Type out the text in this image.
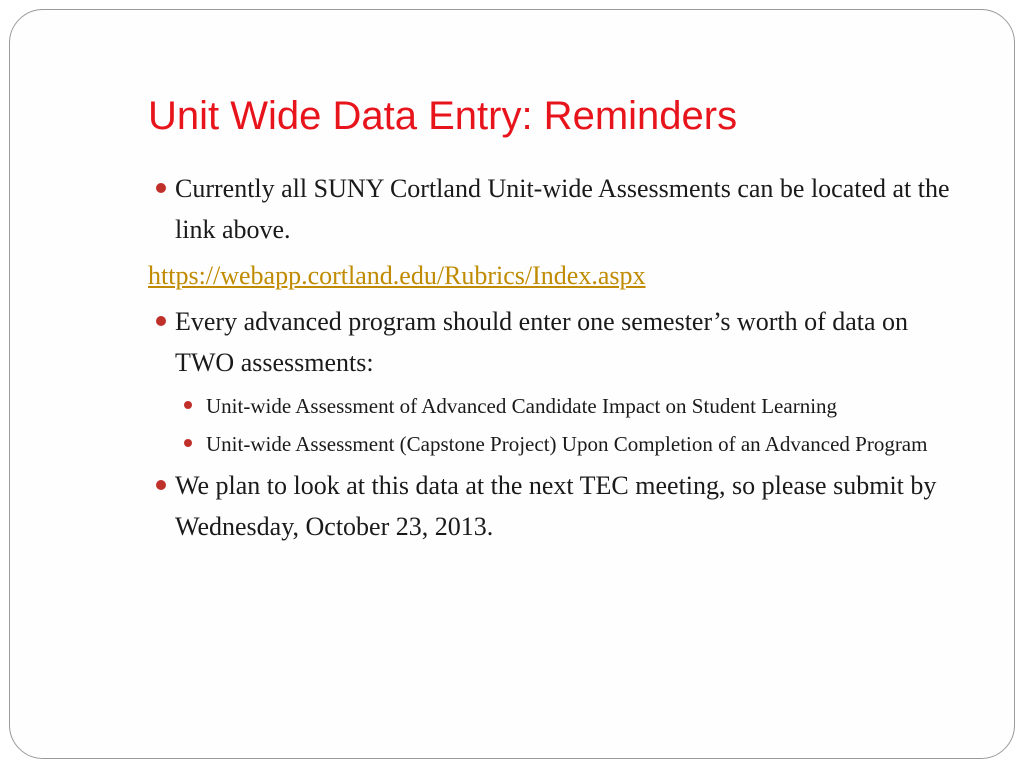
Unit Wide Data Entry: Reminders
Currently all SUNY Cortland Unit-wide Assessments can be located at the link above.
https://webapp.cortland.edu/Rubrics/Index.aspx
Every advanced program should enter one semester’s worth of data on TWO assessments:
Unit-wide Assessment of Advanced Candidate Impact on Student Learning
Unit-wide Assessment (Capstone Project) Upon Completion of an Advanced Program
We plan to look at this data at the next TEC meeting, so please submit by Wednesday, October 23, 2013.
